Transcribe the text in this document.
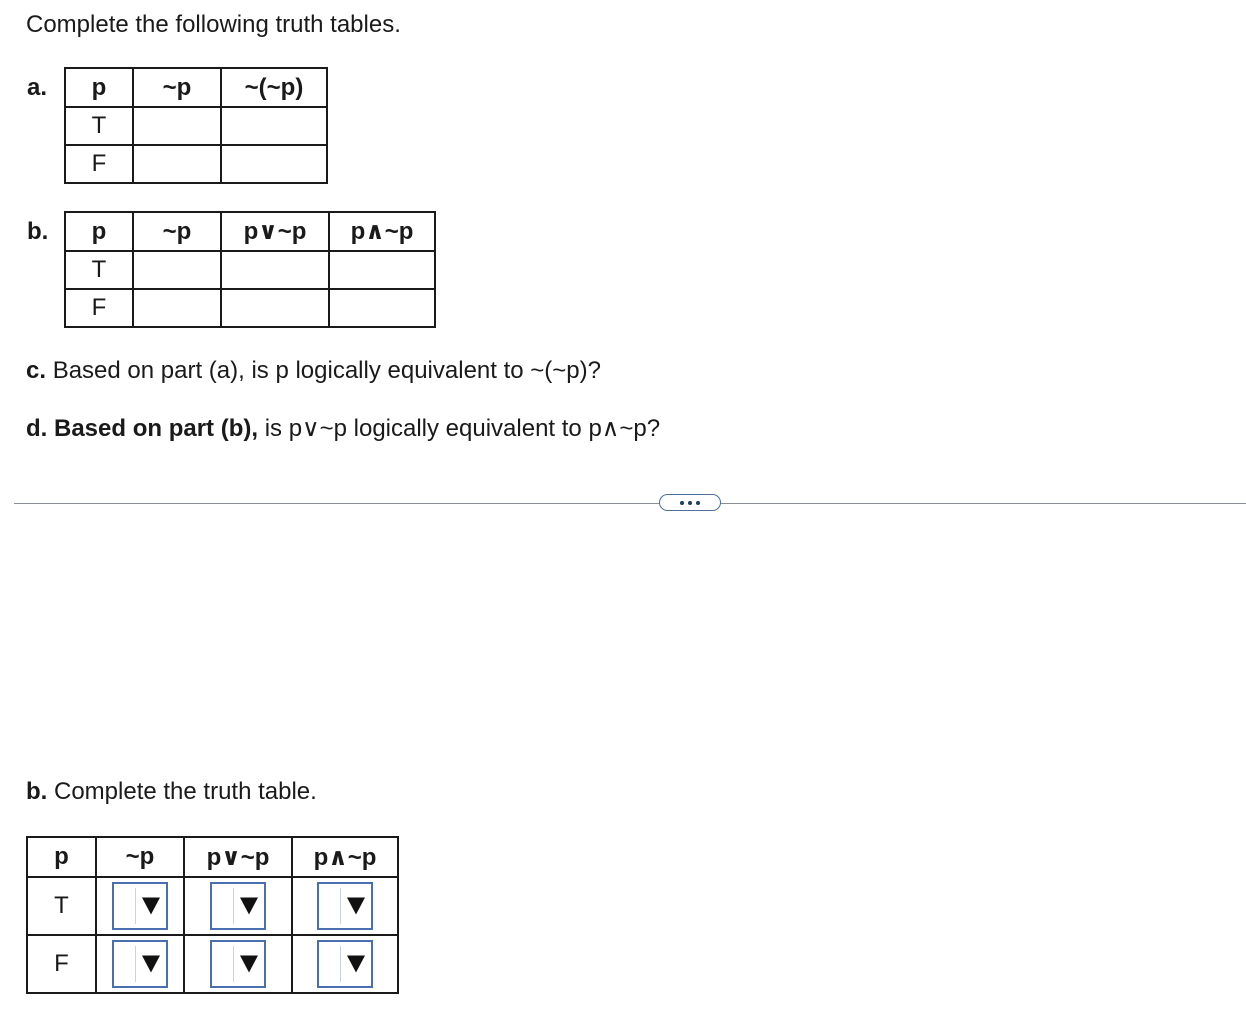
Complete the following truth tables.
a. p	~p	~(~p)
T		
F		
b. p	~p	p∨~p	p∧~p
T			
F			
c. Based on part (a), is p logically equivalent to ~(~p)?
d. Based on part (b), is p∨~p logically equivalent to p∧~p?
b. Complete the truth table.
p	~p	p∨~p	p∧~p
T	

F	
